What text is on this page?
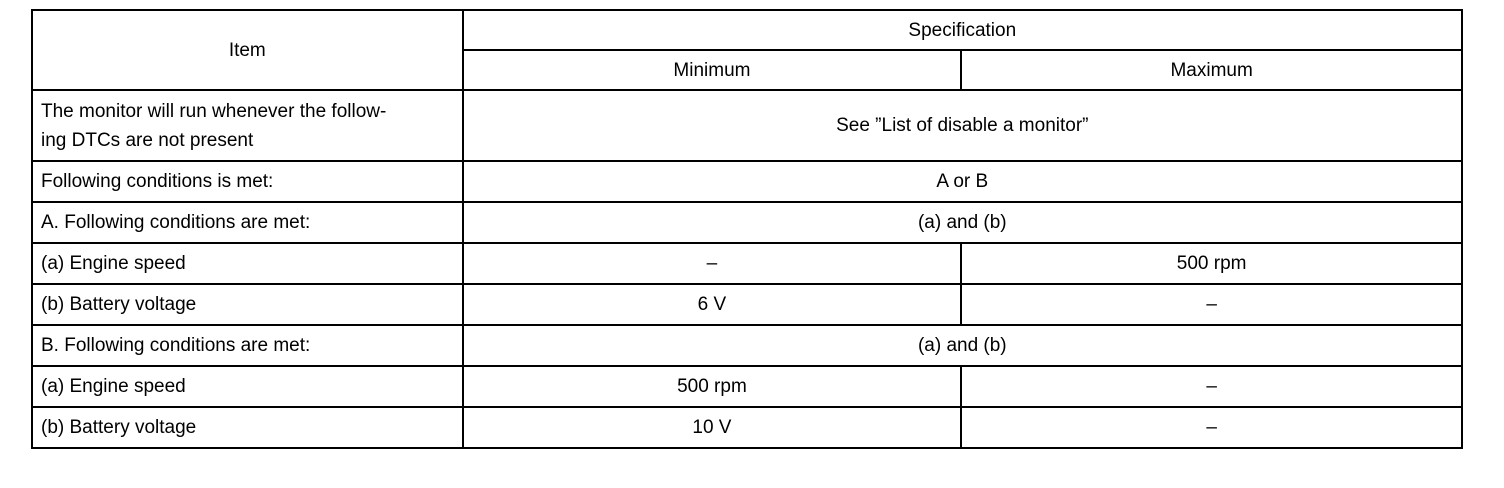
Item	Specification	
	Minimum	Maximum
The monitor will run whenever the follow-
ing DTCs are not present	See ”List of disable a monitor”	
Following conditions is met:	A or B	
A. Following conditions are met:	(a) and (b)	
(a) Engine speed	–	500 rpm
(b) Battery voltage	6 V	–
B. Following conditions are met:	(a) and (b)	
(a) Engine speed	500 rpm	–
(b) Battery voltage	10 V	–
